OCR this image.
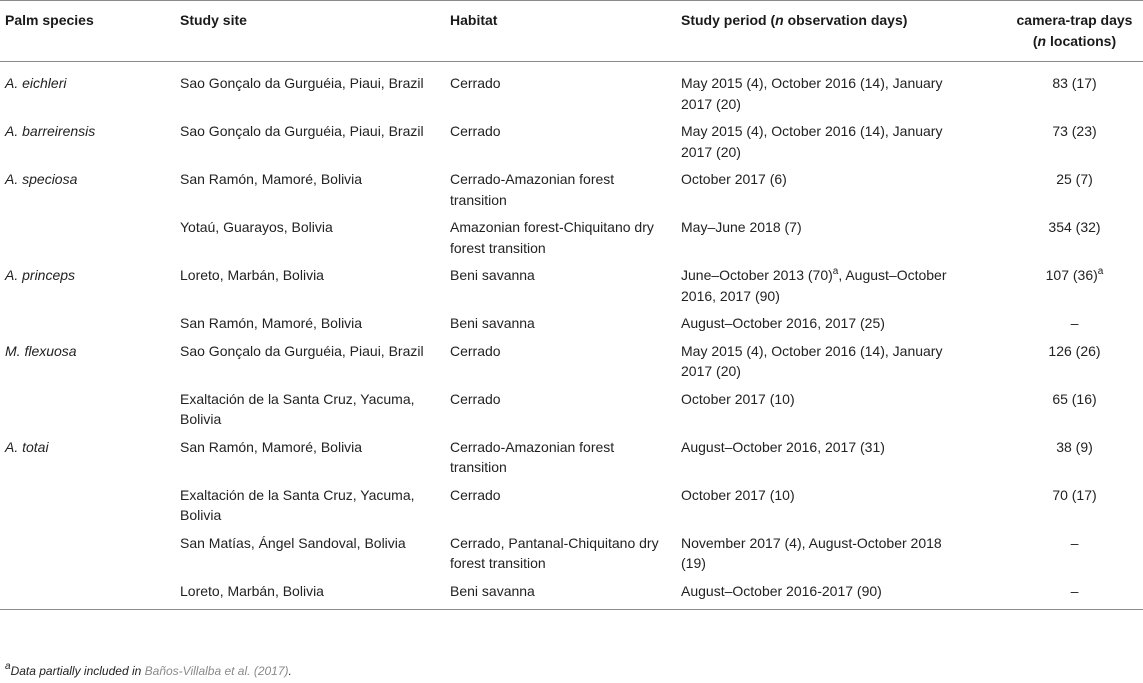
Palm species	Study site	Habitat	Study period (n observation days)	camera-trap days
(n locations)
A. eichleri	Sao Gonçalo da Gurguéia, Piaui, Brazil	Cerrado	May 2015 (4), October 2016 (14), January 2017 (20)	83 (17)
A. barreirensis	Sao Gonçalo da Gurguéia, Piaui, Brazil	Cerrado	May 2015 (4), October 2016 (14), January 2017 (20)	73 (23)
A. speciosa	San Ramón, Mamoré, Bolivia	Cerrado-Amazonian forest transition	October 2017 (6)	25 (7)
	Yotaú, Guarayos, Bolivia	Amazonian forest-Chiquitano dry forest transition	May–June 2018 (7)	354 (32)
A. princeps	Loreto, Marbán, Bolivia	Beni savanna	June–October 2013 $(70)^a$, August–October 2016, 2017 (90)	107 $(36)^a$
	San Ramón, Mamoré, Bolivia	Beni savanna	August–October 2016, 2017 (25)	–
M. flexuosa	Sao Gonçalo da Gurguéia, Piaui, Brazil	Cerrado	May 2015 (4), October 2016 (14), January 2017 (20)	126 (26)
	Exaltación de la Santa Cruz, Yacuma, Bolivia	Cerrado	October 2017 (10)	65 (16)
A. totai	San Ramón, Mamoré, Bolivia	Cerrado-Amazonian forest transition	August–October 2016, 2017 (31)	38 (9)
	Exaltación de la Santa Cruz, Yacuma, Bolivia	Cerrado	October 2017 (10)	70 (17)
	San Matías, Ángel Sandoval, Bolivia	Cerrado, Pantanal-Chiquitano dry forest transition	November 2017 (4), August-October 2018 (19)	–
	Loreto, Marbán, Bolivia	Beni savanna	August–October 2016-2017 (90)	–
$^a$Data partially included in Baños-Villalba et al. (2017).
